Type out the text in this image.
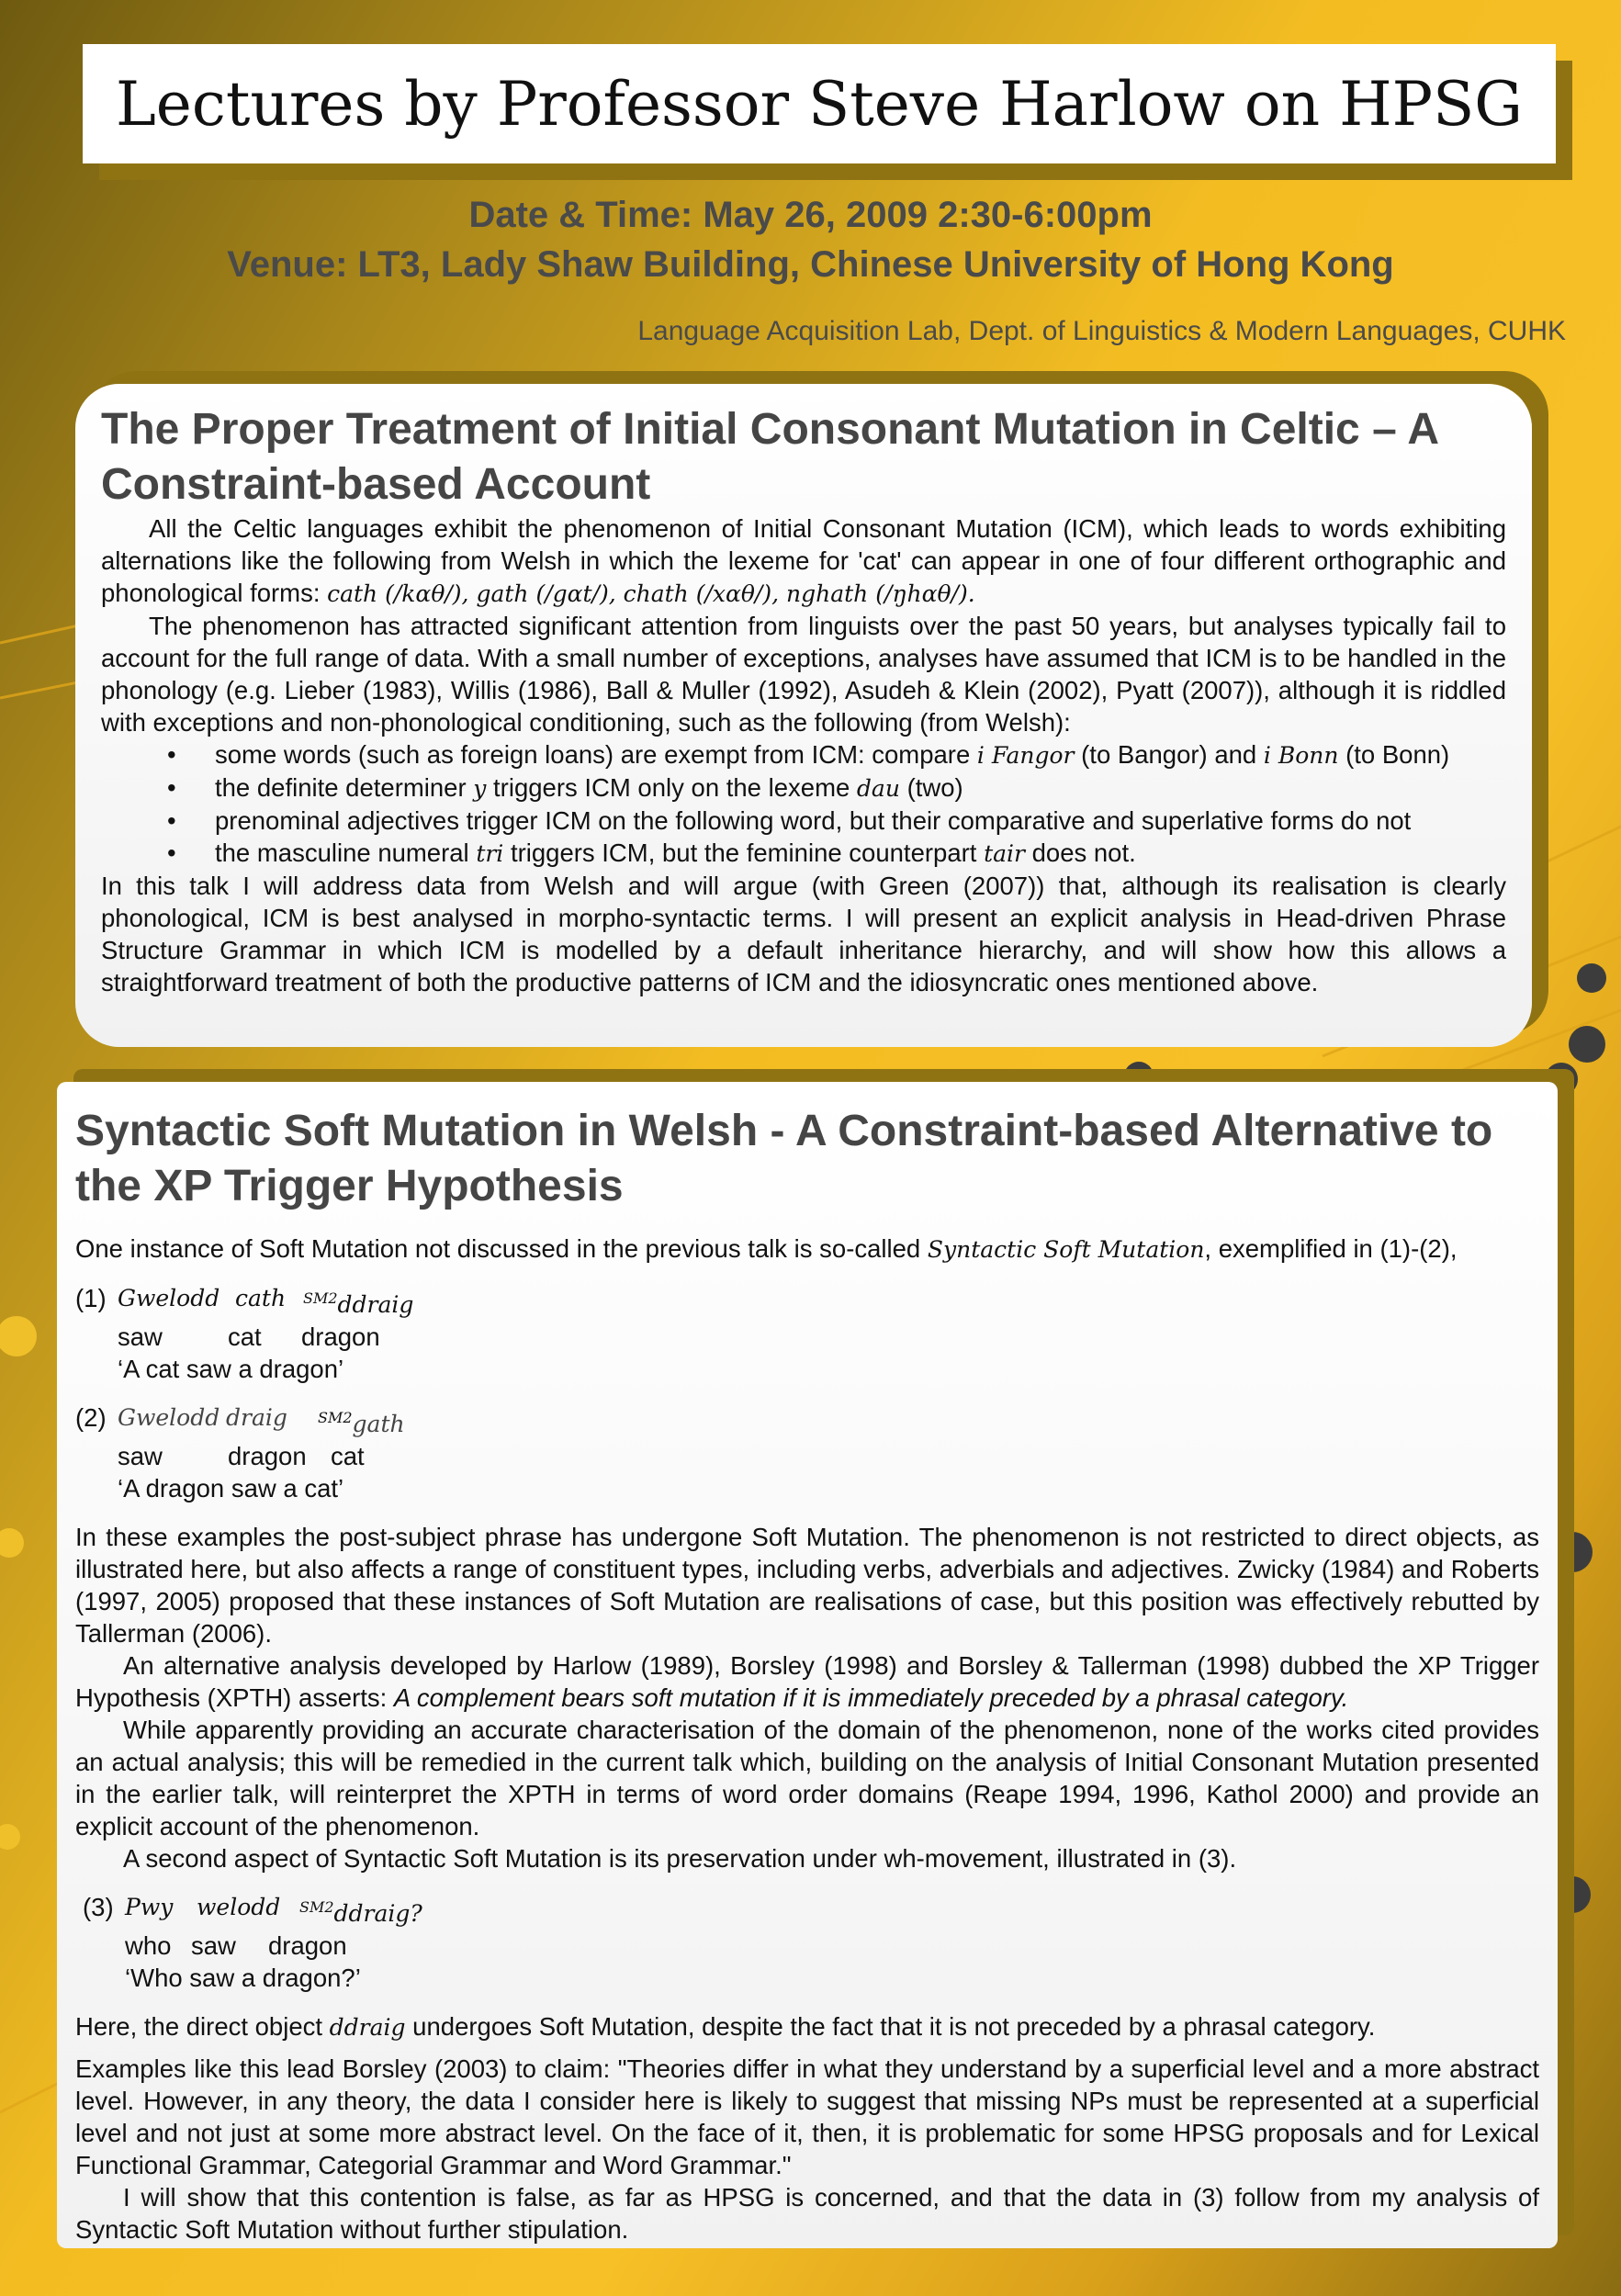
Lectures by Professor Steve Harlow on HPSG
Date & Time: May 26, 2009 2:30-6:00pm
Venue: LT3, Lady Shaw Building, Chinese University of Hong Kong
Language Acquisition Lab, Dept. of Linguistics & Modern Languages, CUHK
The Proper Treatment of Initial Consonant Mutation in Celtic – A Constraint-based Account

All the Celtic languages exhibit the phenomenon of Initial Consonant Mutation (ICM), which leads to words exhibiting alternations like the following from Welsh in which the lexeme for 'cat' can appear in one of four different orthographic and phonological forms: cath (/kɑθ/), gath (/gɑt/), chath (/xɑθ/), nghath (/ŋhɑθ/).

The phenomenon has attracted significant attention from linguists over the past 50 years, but analyses typically fail to account for the full range of data. With a small number of exceptions, analyses have assumed that ICM is to be handled in the phonology (e.g. Lieber (1983), Willis (1986), Ball & Muller (1992), Asudeh & Klein (2002), Pyatt (2007)), although it is riddled with exceptions and non-phonological conditioning, such as the following (from Welsh):

• some words (such as foreign loans) are exempt from ICM: compare i Fangor (to Bangor) and i Bonn (to Bonn)
• the definite determiner y triggers ICM only on the lexeme dau (two)
• prenominal adjectives trigger ICM on the following word, but their comparative and superlative forms do not
• the masculine numeral tri triggers ICM, but the feminine counterpart tair does not.

In this talk I will address data from Welsh and will argue (with Green (2007)) that, although its realisation is clearly phonological, ICM is best analysed in morpho-syntactic terms. I will present an explicit analysis in Head-driven Phrase Structure Grammar in which ICM is modelled by a default inheritance hierarchy, and will show how this allows a straightforward treatment of both the productive patterns of ICM and the idiosyncratic ones mentioned above.

Syntactic Soft Mutation in Welsh - A Constraint-based Alternative to the XP Trigger Hypothesis

One instance of Soft Mutation not discussed in the previous talk is so-called Syntactic Soft Mutation, exemplified in (1)-(2),

(1) Gwelodd cath	$^{SM2}$ddraig
saw	cat	dragon
‘A cat saw a dragon’
(2) Gwelodd draig	$^{SM2}$gath
saw	dragon cat
‘A dragon saw a cat’

In these examples the post-subject phrase has undergone Soft Mutation. The phenomenon is not restricted to direct objects, as illustrated here, but also affects a range of constituent types, including verbs, adverbials and adjectives. Zwicky (1984) and Roberts (1997, 2005) proposed that these instances of Soft Mutation are realisations of case, but this position was effectively rebutted by Tallerman (2006).

An alternative analysis developed by Harlow (1989), Borsley (1998) and Borsley & Tallerman (1998) dubbed the XP Trigger Hypothesis (XPTH) asserts: A complement bears soft mutation if it is immediately preceded by a phrasal category.

While apparently providing an accurate characterisation of the domain of the phenomenon, none of the works cited provides an actual analysis; this will be remedied in the current talk which, building on the analysis of Initial Consonant Mutation presented in the earlier talk, will reinterpret the XPTH in terms of word order domains (Reape 1994, 1996, Kathol 2000) and provide an explicit account of the phenomenon.

A second aspect of Syntactic Soft Mutation is its preservation under wh-movement, illustrated in (3).

(3) Pwy	welodd	$^{SM2}$ddraig?
who saw	dragon
‘Who saw a dragon?’

Here, the direct object ddraig undergoes Soft Mutation, despite the fact that it is not preceded by a phrasal category.

Examples like this lead Borsley (2003) to claim: "Theories differ in what they understand by a superficial level and a more abstract level. However, in any theory, the data I consider here is likely to suggest that missing NPs must be represented at a superficial level and not just at some more abstract level. On the face of it, then, it is problematic for some HPSG proposals and for Lexical Functional Grammar, Categorial Grammar and Word Grammar."

I will show that this contention is false, as far as HPSG is concerned, and that the data in (3) follow from my analysis of Syntactic Soft Mutation without further stipulation.
